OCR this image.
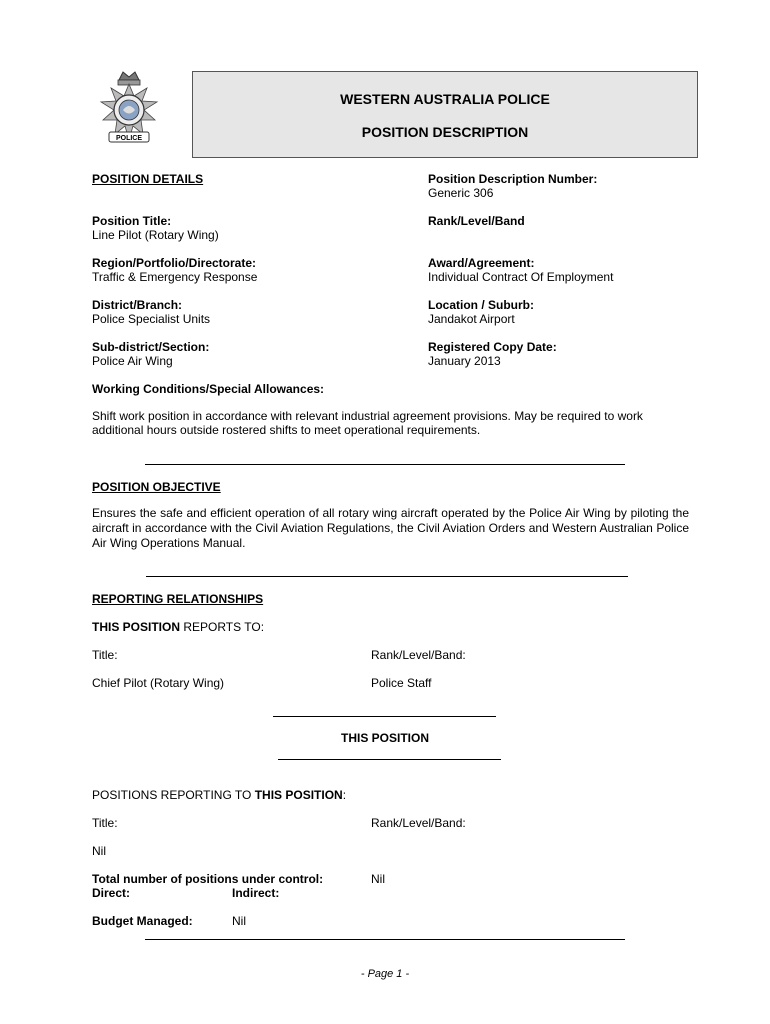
POLICE
WESTERN AUSTRALIA POLICE
POSITION DESCRIPTION
POSITION DETAILS	Position Description Number:
Generic 306
Position Title:
Line Pilot (Rotary Wing)
Rank/Level/Band
Region/Portfolio/Directorate:
Traffic & Emergency Response
Award/Agreement:
Individual Contract Of Employment
District/Branch:
Police Specialist Units
Location / Suburb:
Jandakot Airport
Sub-district/Section:
Police Air Wing
Registered Copy Date:
January 2013
Working Conditions/Special Allowances:
Shift work position in accordance with relevant industrial agreement provisions. May be required to work additional hours outside rostered shifts to meet operational requirements.
POSITION OBJECTIVE
Ensures the safe and efficient operation of all rotary wing aircraft operated by the Police Air Wing by piloting the aircraft in accordance with the Civil Aviation Regulations, the Civil Aviation Orders and Western Australian Police Air Wing Operations Manual.
REPORTING RELATIONSHIPS
THIS POSITION REPORTS TO:
Title:	Rank/Level/Band:
Chief Pilot (Rotary Wing)	Police Staff
THIS POSITION
POSITIONS REPORTING TO THIS POSITION:
Title:	Rank/Level/Band:
Nil
Total number of positions under control:	Nil
Direct:	Indirect:
Budget Managed:	Nil
- Page 1 -
